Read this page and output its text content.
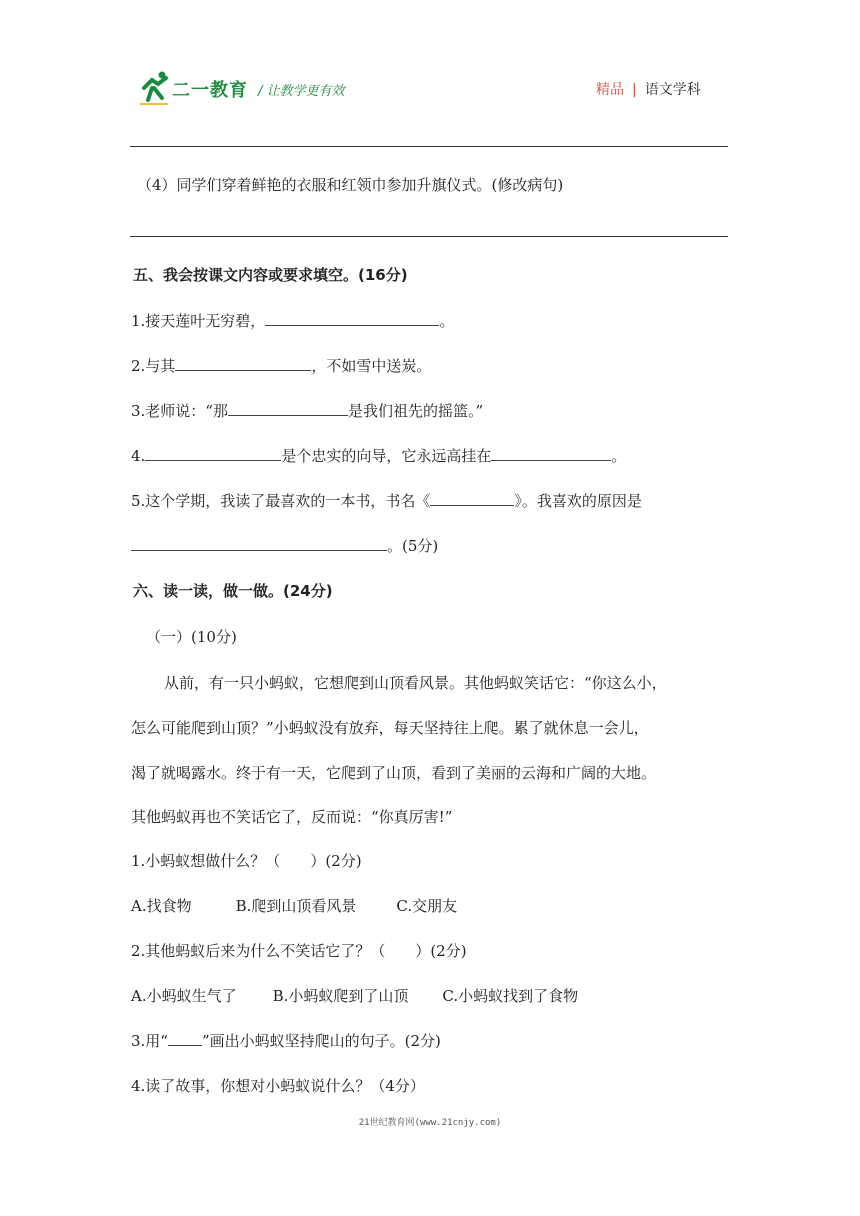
二一教育 / 让教学更有效	精品 | 语文学科
（4）同学们穿着鲜艳的衣服和红领巾参加升旗仪式。(修改病句)
五、我会按课文内容或要求填空。(16分)
1.接天莲叶无穷碧，	。
2.与其	，不如雪中送炭。
3.老师说：“那	是我们祖先的摇篮。”
4.	是个忠实的向导，它永远高挂在	。
5.这个学期，我读了最喜欢的一本书，书名《	》。我喜欢的原因是
。(5分)
六、读一读，做一做。(24分)
（一）(10分)
从前，有一只小蚂蚁，它想爬到山顶看风景。其他蚂蚁笑话它：“你这么小，
怎么可能爬到山顶？”小蚂蚁没有放弃，每天坚持往上爬。累了就休息一会儿，
渴了就喝露水。终于有一天，它爬到了山顶，看到了美丽的云海和广阔的大地。
其他蚂蚁再也不笑话它了，反而说：“你真厉害!”
1.小蚂蚁想做什么？（　　）(2分)
A.找食物	B.爬到山顶看风景	C.交朋友
2.其他蚂蚁后来为什么不笑话它了？（　　）(2分)
A.小蚂蚁生气了 B.小蚂蚁爬到了山顶 C.小蚂蚁找到了食物
3.用“ ”画出小蚂蚁坚持爬山的句子。(2分)
4.读了故事，你想对小蚂蚁说什么？（4分）
21世纪教育网(www.21cnjy.com)
